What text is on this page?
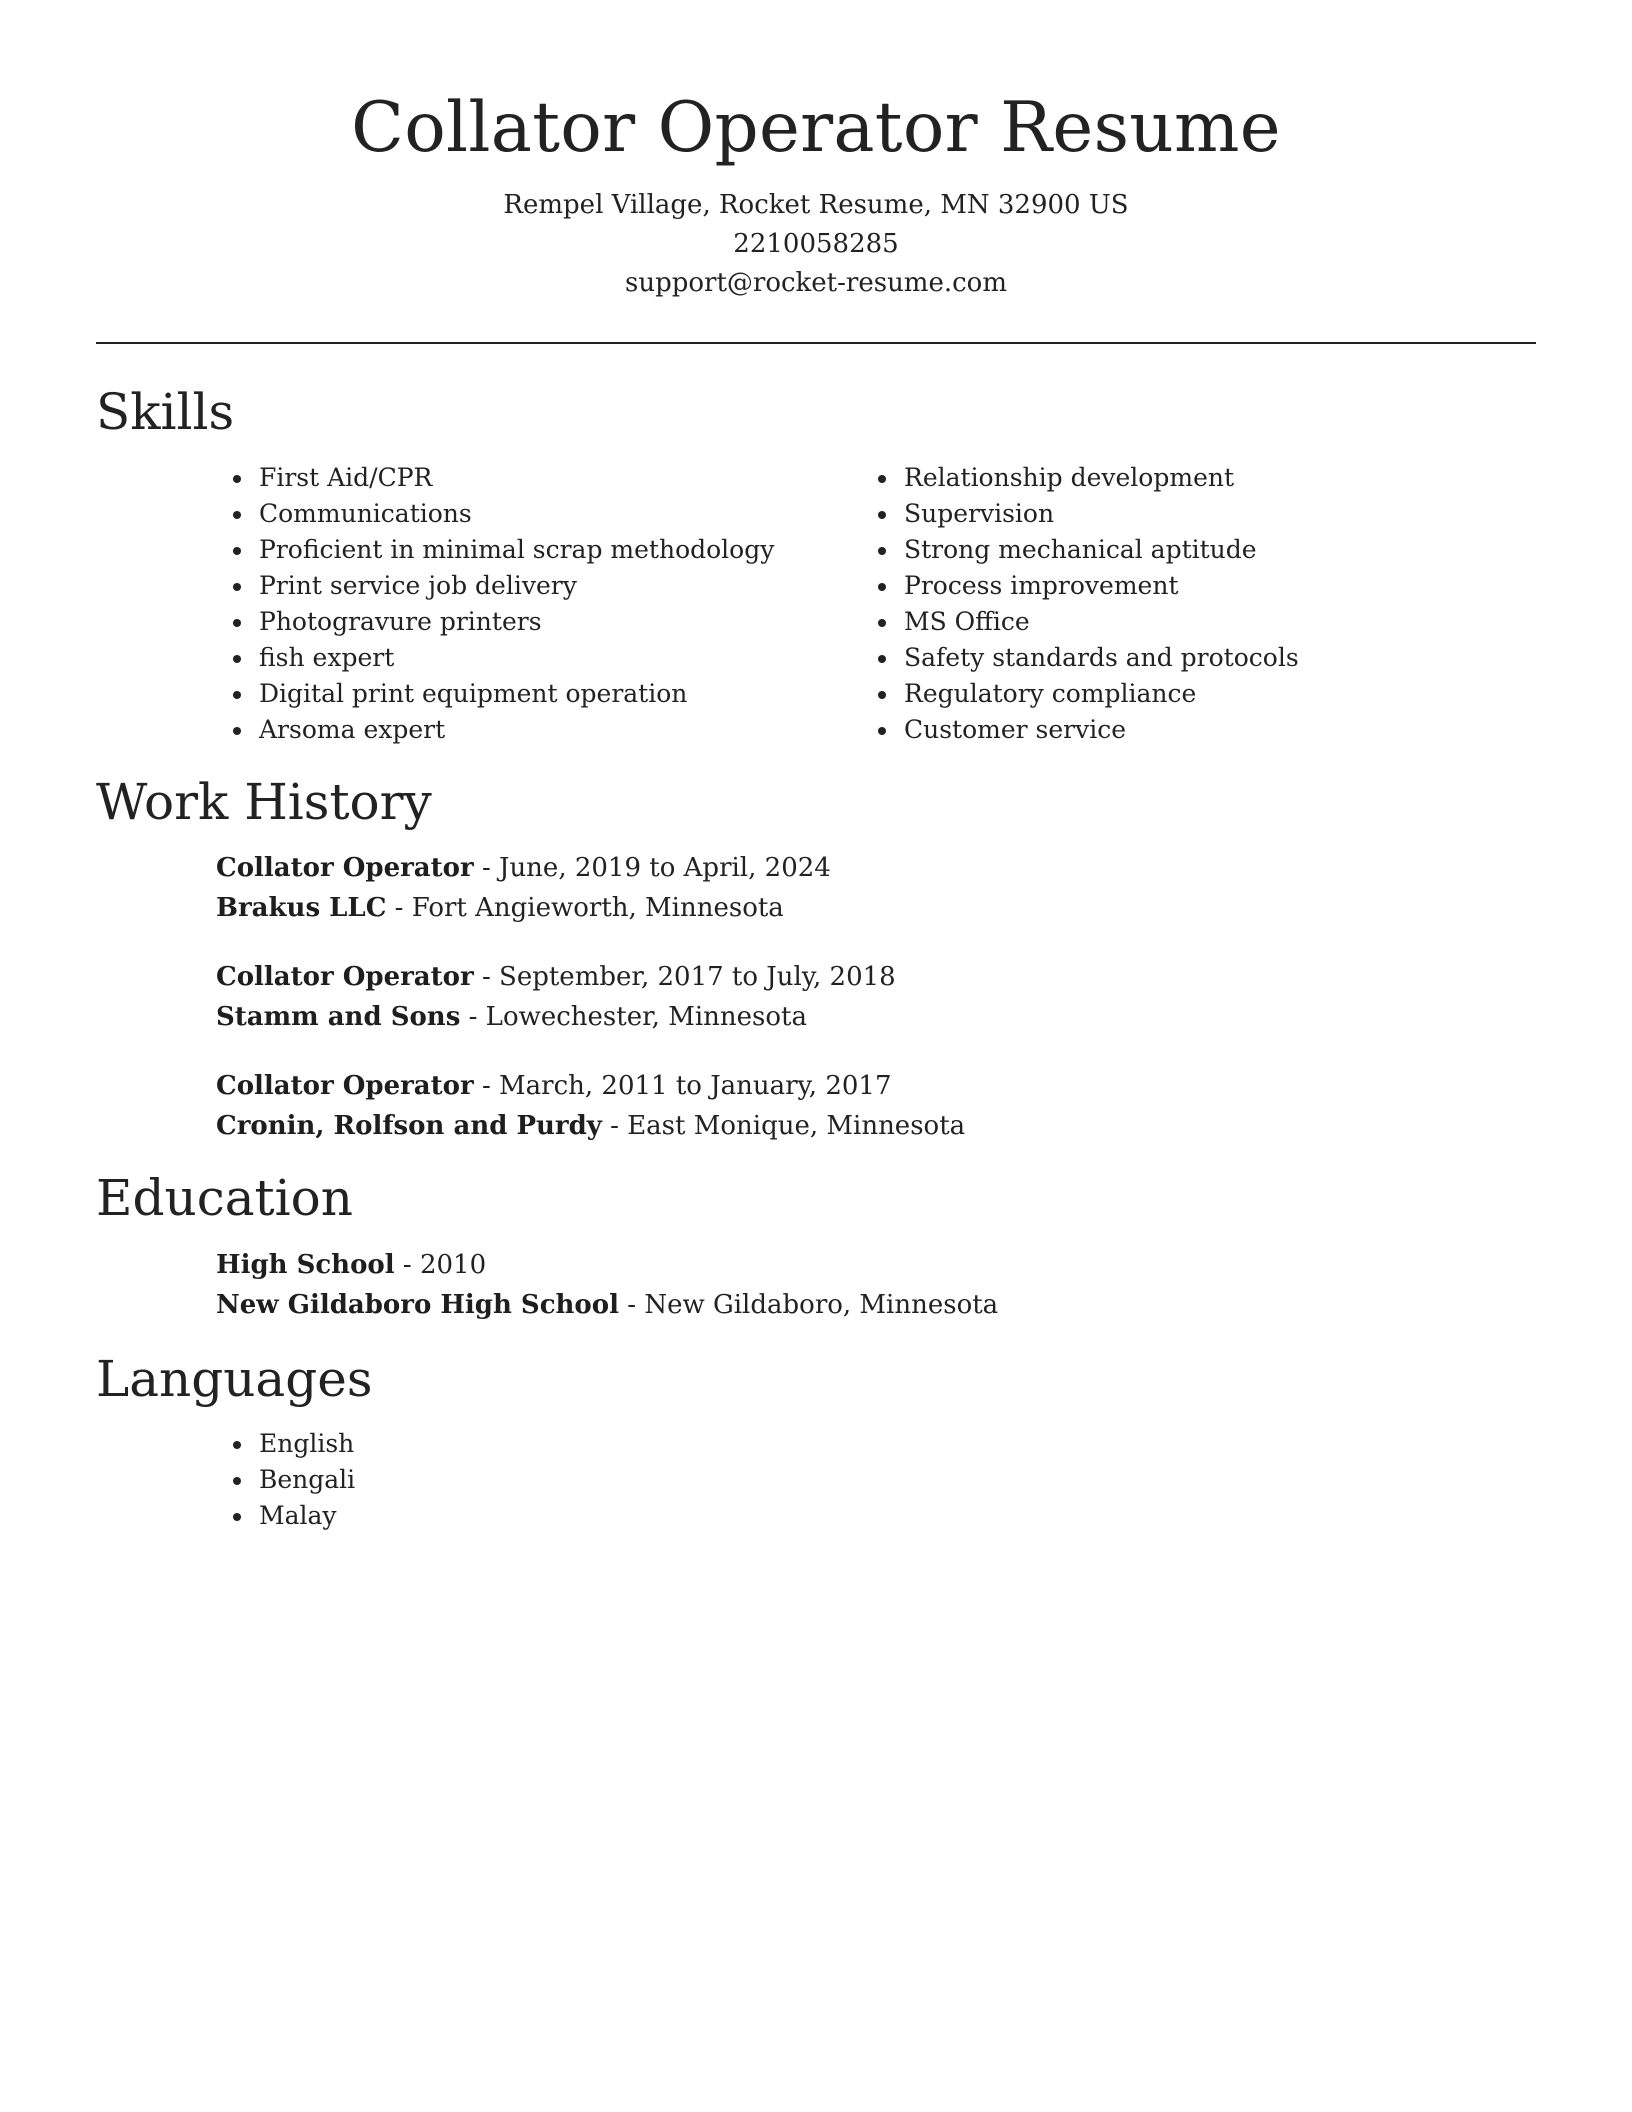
Collator Operator Resume
Rempel Village, Rocket Resume, MN 32900 US
2210058285
support@rocket-resume.com
Skills
First Aid/CPR
Communications
Proficient in minimal scrap methodology
Print service job delivery
Photogravure printers
fish expert
Digital print equipment operation
Arsoma expert
Relationship development
Supervision
Strong mechanical aptitude
Process improvement
MS Office
Safety standards and protocols
Regulatory compliance
Customer service
Work History
Collator Operator - June, 2019 to April, 2024
Brakus LLC - Fort Angieworth, Minnesota
Collator Operator - September, 2017 to July, 2018
Stamm and Sons - Lowechester, Minnesota
Collator Operator - March, 2011 to January, 2017
Cronin, Rolfson and Purdy - East Monique, Minnesota
Education
High School - 2010
New Gildaboro High School - New Gildaboro, Minnesota
Languages
English
Bengali
Malay
